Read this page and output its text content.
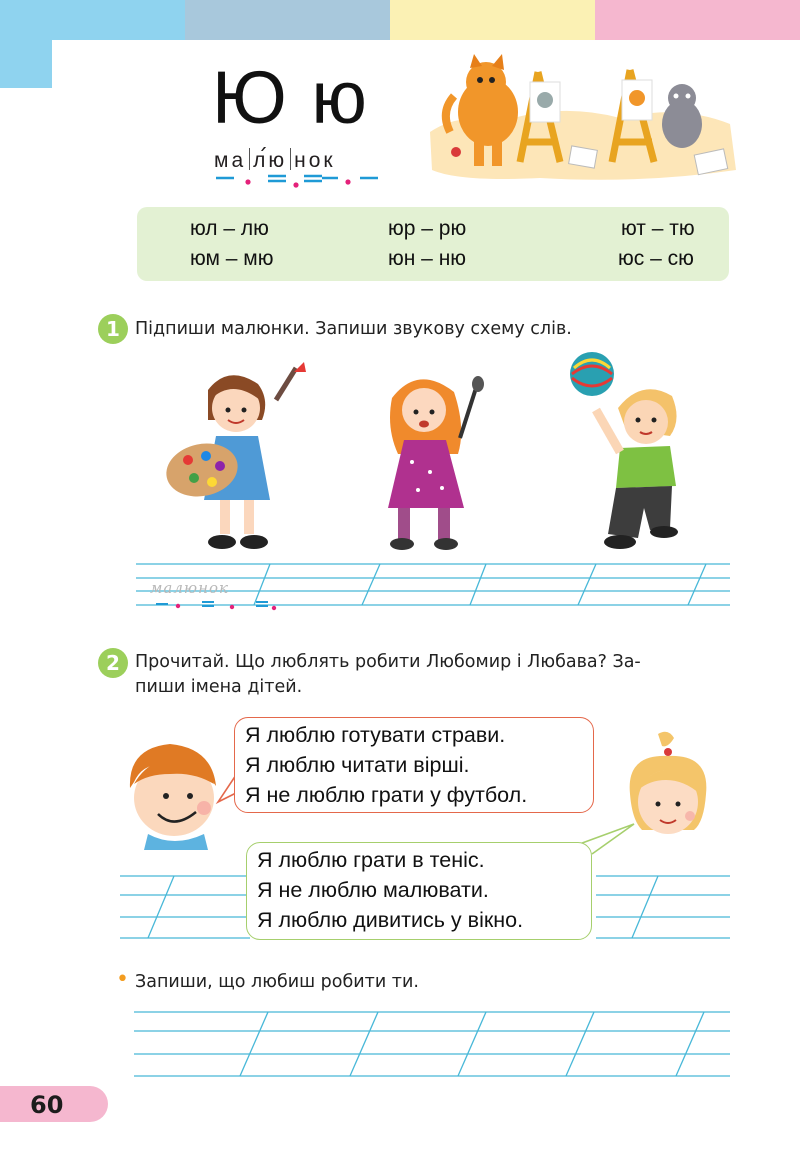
Ю ю
ма лю нок
юл – лю	юр – рю	ют – тю
юм – мю	юн – ню	юс – сю
1 Підпиши малюнки. Запиши звукову схему слів.
малюнок
2 Прочитай. Що люблять робити Любомир і Любава? За-
пиши імена дітей.
Я люблю готувати страви.
Я люблю читати вірші.
Я не люблю грати у футбол.
Я люблю грати в теніс.
Я не люблю малювати.
Я люблю дивитись у вікно.
• Запиши, що любиш робити ти.
60
